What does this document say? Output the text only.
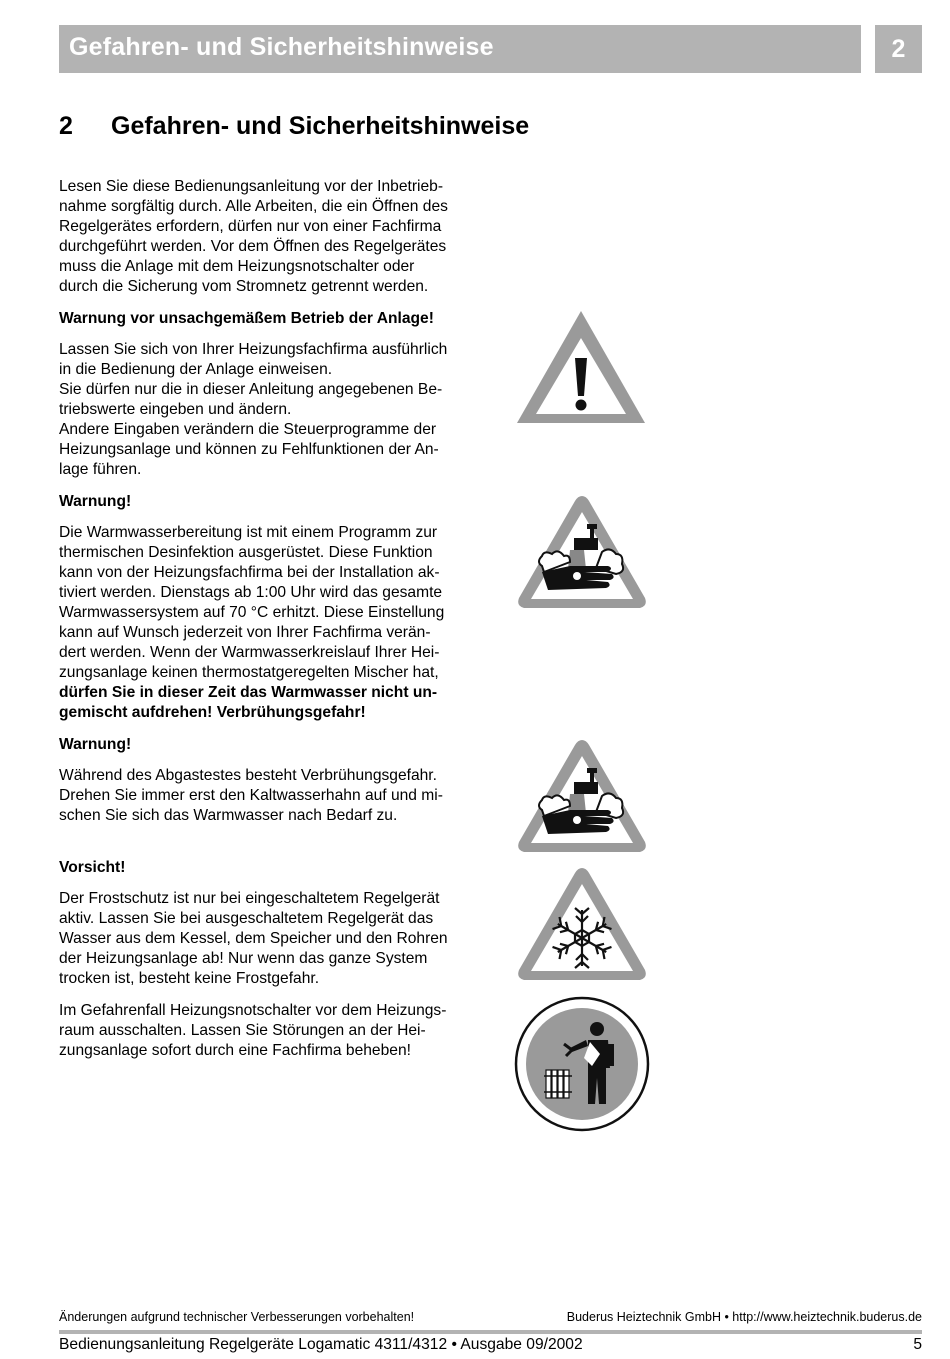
Gefahren- und Sicherheitshinweise	2
2 Gefahren- und Sicherheitshinweise

Lesen Sie diese Bedienungsanleitung vor der Inbetrieb-
nahme sorgfältig durch. Alle Arbeiten, die ein Öffnen des
Regelgerätes erfordern, dürfen nur von einer Fachfirma
durchgeführt werden. Vor dem Öffnen des Regelgerätes
muss die Anlage mit dem Heizungsnotschalter oder
durch die Sicherung vom Stromnetz getrennt werden.

Warnung vor unsachgemäßem Betrieb der Anlage!

Lassen Sie sich von Ihrer Heizungsfachfirma ausführlich
in die Bedienung der Anlage einweisen.
Sie dürfen nur die in dieser Anleitung angegebenen Be-
triebswerte eingeben und ändern.
Andere Eingaben verändern die Steuerprogramme der
Heizungsanlage und können zu Fehlfunktionen der An-
lage führen.

Warnung!

Die Warmwasserbereitung ist mit einem Programm zur
thermischen Desinfektion ausgerüstet. Diese Funktion
kann von der Heizungsfachfirma bei der Installation ak-
tiviert werden. Dienstags ab 1:00 Uhr wird das gesamte
Warmwassersystem auf 70 °C erhitzt. Diese Einstellung
kann auf Wunsch jederzeit von Ihrer Fachfirma verän-
dert werden. Wenn der Warmwasserkreislauf Ihrer Hei-
zungsanlage keinen thermostatgeregelten Mischer hat,
dürfen Sie in dieser Zeit das Warmwasser nicht un-
gemischt aufdrehen! Verbrühungsgefahr!

Warnung!

Während des Abgastestes besteht Verbrühungsgefahr.
Drehen Sie immer erst den Kaltwasserhahn auf und mi-
schen Sie sich das Warmwasser nach Bedarf zu.

Vorsicht!

Der Frostschutz ist nur bei eingeschaltetem Regelgerät
aktiv. Lassen Sie bei ausgeschaltetem Regelgerät das
Wasser aus dem Kessel, dem Speicher und den Rohren
der Heizungsanlage ab! Nur wenn das ganze System
trocken ist, besteht keine Frostgefahr.

Im Gefahrenfall Heizungsnotschalter vor dem Heizungs-
raum ausschalten. Lassen Sie Störungen an der Hei-
zungsanlage sofort durch eine Fachfirma beheben!

Änderungen aufgrund technischer Verbesserungen vorbehalten!	Buderus Heiztechnik GmbH • http://www.heiztechnik.buderus.de
Bedienungsanleitung Regelgeräte Logamatic 4311/4312 • Ausgabe 09/2002	5
